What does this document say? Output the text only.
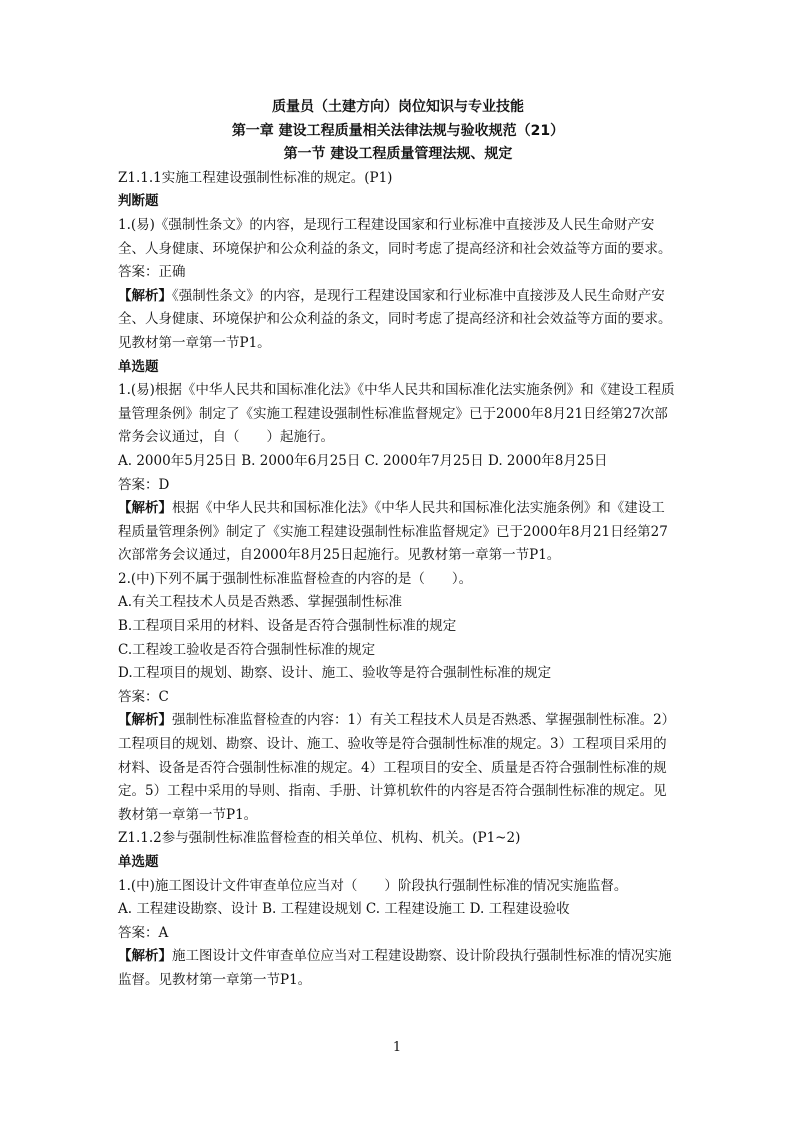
质量员（土建方向）岗位知识与专业技能
第一章 建设工程质量相关法律法规与验收规范（21）
第一节 建设工程质量管理法规、规定
Z1.1.1实施工程建设强制性标准的规定。(P1)
判断题
1.(易)《强制性条文》的内容，是现行工程建设国家和行业标准中直接涉及人民生命财产安全、人身健康、环境保护和公众利益的条文，同时考虑了提高经济和社会效益等方面的要求。
答案：正确
【解析】《强制性条文》的内容，是现行工程建设国家和行业标准中直接涉及人民生命财产安全、人身健康、环境保护和公众利益的条文，同时考虑了提高经济和社会效益等方面的要求。见教材第一章第一节P1。
单选题
1.(易)根据《中华人民共和国标准化法》《中华人民共和国标准化法实施条例》和《建设工程质量管理条例》制定了《实施工程建设强制性标准监督规定》已于2000年8月21日经第27次部常务会议通过，自（　　）起施行。
A. 2000年5月25日 B. 2000年6月25日 C. 2000年7月25日 D. 2000年8月25日
答案：D
【解析】根据《中华人民共和国标准化法》《中华人民共和国标准化法实施条例》和《建设工程质量管理条例》制定了《实施工程建设强制性标准监督规定》已于2000年8月21日经第27次部常务会议通过，自2000年8月25日起施行。见教材第一章第一节P1。
2.(中)下列不属于强制性标准监督检查的内容的是（　　）。
A.有关工程技术人员是否熟悉、掌握强制性标准
B.工程项目采用的材料、设备是否符合强制性标准的规定
C.工程竣工验收是否符合强制性标准的规定
D.工程项目的规划、勘察、设计、施工、验收等是符合强制性标准的规定
答案：C
【解析】强制性标准监督检查的内容：1）有关工程技术人员是否熟悉、掌握强制性标准。2）工程项目的规划、勘察、设计、施工、验收等是符合强制性标准的规定。3）工程项目采用的材料、设备是否符合强制性标准的规定。4）工程项目的安全、质量是否符合强制性标准的规定。5）工程中采用的导则、指南、手册、计算机软件的内容是否符合强制性标准的规定。见教材第一章第一节P1。
Z1.1.2参与强制性标准监督检查的相关单位、机构、机关。(P1~2)
单选题
1.(中)施工图设计文件审查单位应当对（　　）阶段执行强制性标准的情况实施监督。
A. 工程建设勘察、设计 B. 工程建设规划 C. 工程建设施工 D. 工程建设验收
答案：A
【解析】施工图设计文件审查单位应当对工程建设勘察、设计阶段执行强制性标准的情况实施监督。见教材第一章第一节P1。
1
